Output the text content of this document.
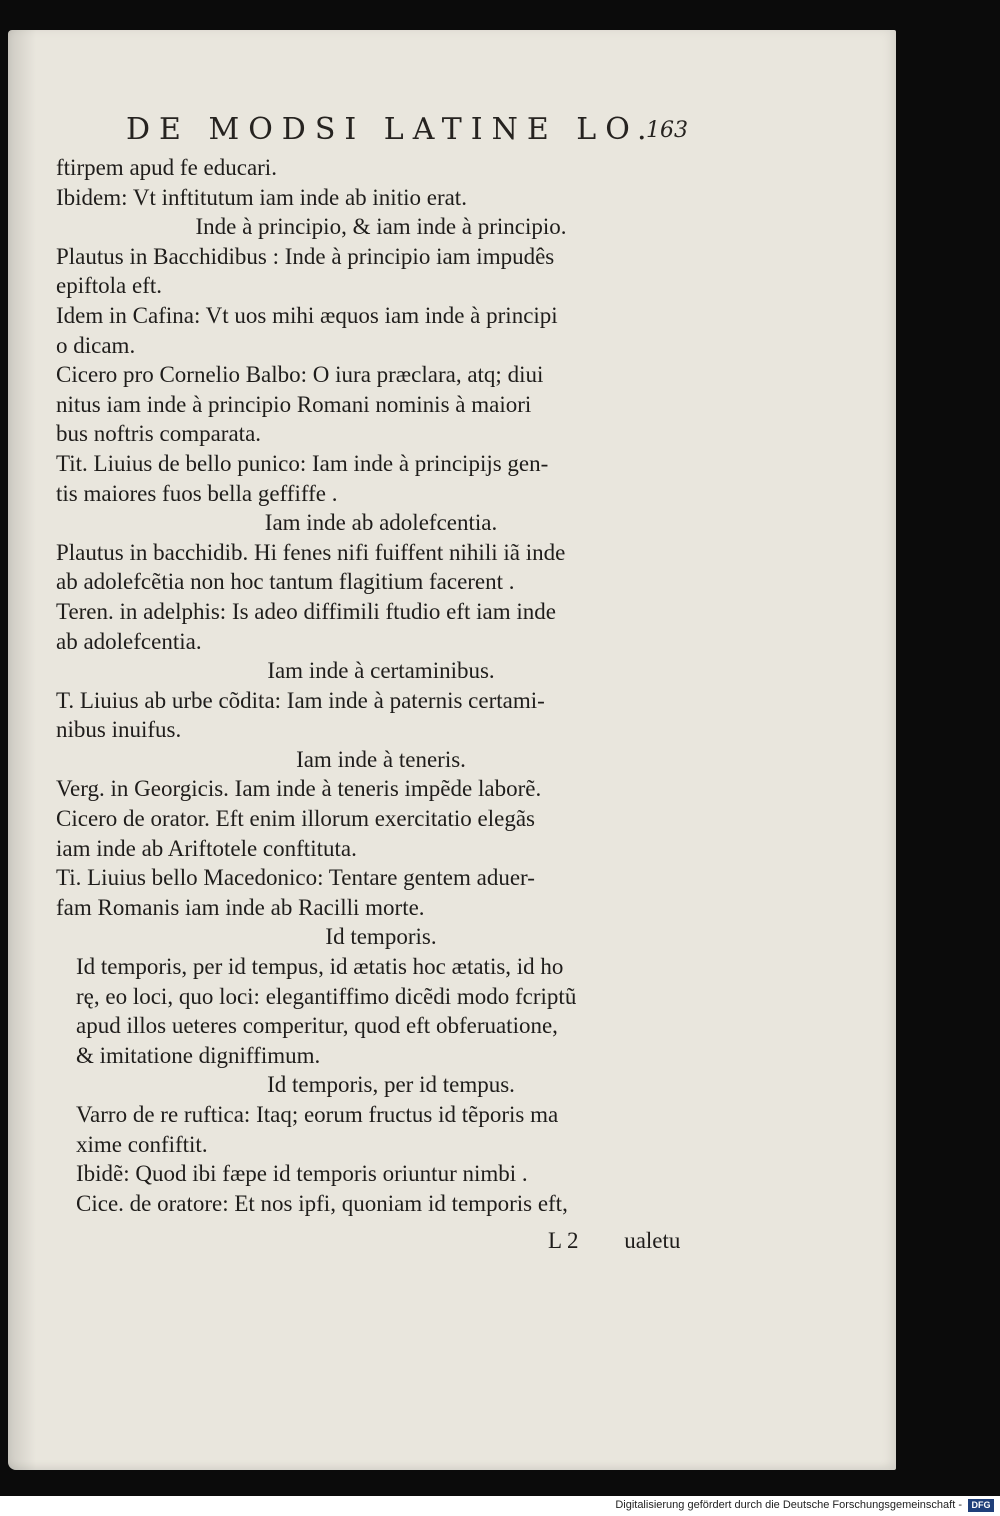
DE MODSI LATINE LO.
163
ftirpem apud fe educari.
Ibidem: Vt inftitutum iam inde ab initio erat.
Inde à principio, & iam inde à principio.
Plautus in Bacchidibus : Inde à principio iam impudês
epiftola eft.
Idem in Cafina: Vt uos mihi æquos iam inde à principi
o dicam.
Cicero pro Cornelio Balbo: O iura præclara, atq; diui
nitus iam inde à principio Romani nominis à maiori
bus noftris comparata.
Tit. Liuius de bello punico: Iam inde à principijs gen-
tis maiores fuos bella geffiffe .
Iam inde ab adolefcentia.
Plautus in bacchidib. Hi fenes nifi fuiffent nihili iã inde
ab adolefcẽtia non hoc tantum flagitium facerent .
Teren. in adelphis: Is adeo diffimili ftudio eft iam inde
ab adolefcentia.
Iam inde à certaminibus.
T. Liuius ab urbe cõdita: Iam inde à paternis certami-
nibus inuifus.
Iam inde à teneris.
Verg. in Georgicis. Iam inde à teneris impẽde laborẽ.
Cicero de orator. Eft enim illorum exercitatio elegãs
iam inde ab Ariftotele conftituta.
Ti. Liuius bello Macedonico: Tentare gentem aduer-
fam Romanis iam inde ab Racilli morte.
Id temporis.
Id temporis, per id tempus, id ætatis hoc ætatis, id ho
rę, eo loci, quo loci: elegantiffimo dicẽdi modo fcriptũ
apud illos ueteres comperitur, quod eft obferuatione,
& imitatione digniffimum.
Id temporis, per id tempus.
Varro de re ruftica: Itaq; eorum fructus id tẽporis ma
xime confiftit.
Ibidẽ: Quod ibi fæpe id temporis oriuntur nimbi .
Cice. de oratore: Et nos ipfi, quoniam id temporis eft,
L 2 ualetu
Digitalisierung gefördert durch die Deutsche Forschungsgemeinschaft -	DFG
